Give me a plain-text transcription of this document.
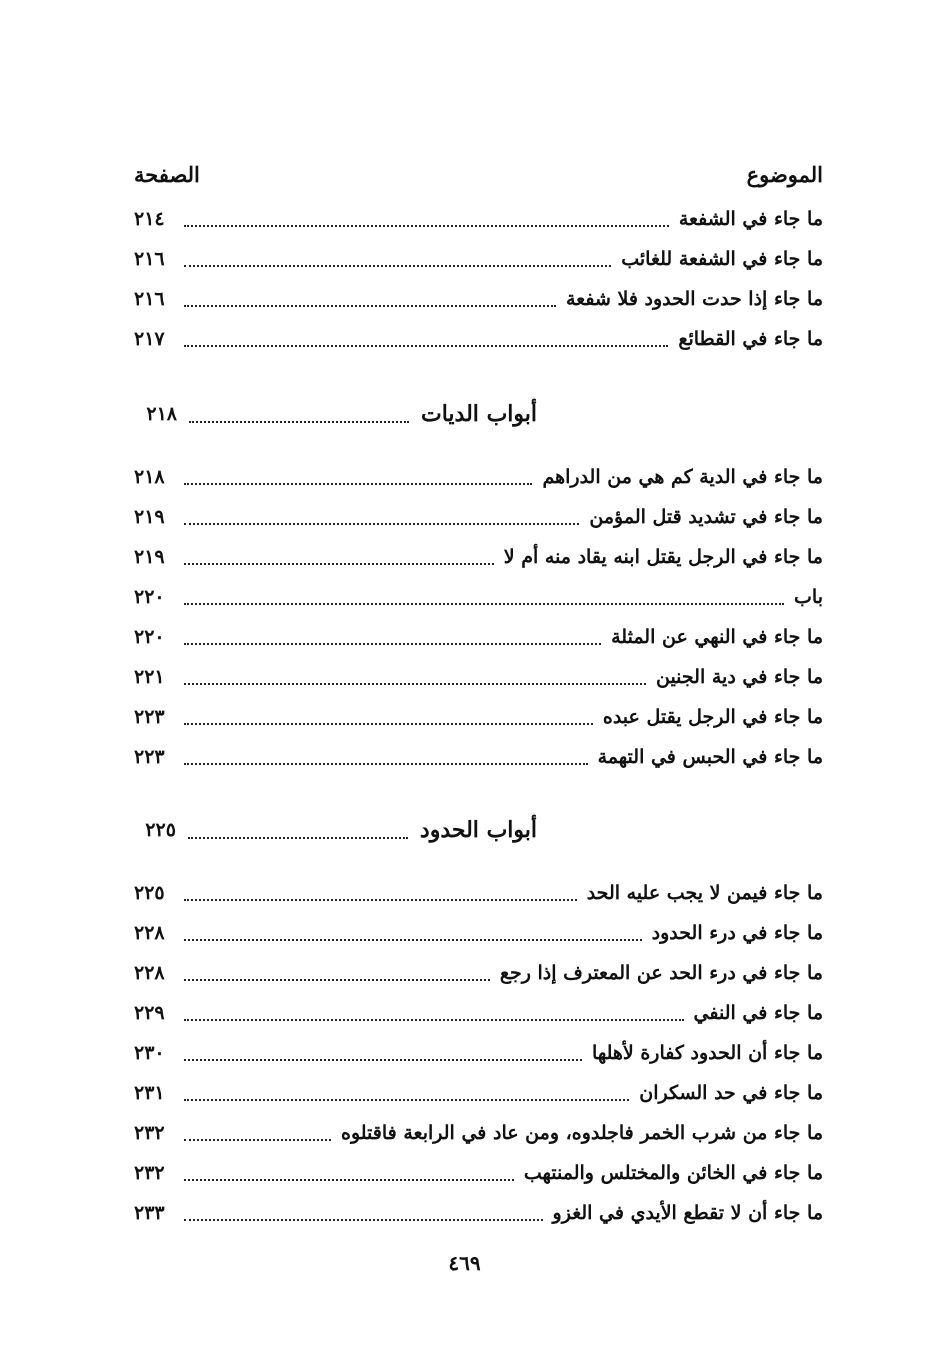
الموضوع
الصفحة
ما جاء في الشفعة
٢١٤
ما جاء في الشفعة للغائب
٢١٦
ما جاء إذا حدت الحدود فلا شفعة
٢١٦
ما جاء في القطائع
٢١٧
أبواب الديات
٢١٨
ما جاء في الدية كم هي من الدراهم
٢١٨
ما جاء في تشديد قتل المؤمن
٢١٩
ما جاء في الرجل يقتل ابنه يقاد منه أم لا
٢١٩
باب
٢٢٠
ما جاء في النهي عن المثلة
٢٢٠
ما جاء في دية الجنين
٢٢١
ما جاء في الرجل يقتل عبده
٢٢٣
ما جاء في الحبس في التهمة
٢٢٣
أبواب الحدود
٢٢٥
ما جاء فيمن لا يجب عليه الحد
٢٢٥
ما جاء في درء الحدود
٢٢٨
ما جاء في درء الحد عن المعترف إذا رجع
٢٢٨
ما جاء في النفي
٢٢٩
ما جاء أن الحدود كفارة لأهلها
٢٣٠
ما جاء في حد السكران
٢٣١
ما جاء من شرب الخمر فاجلدوه، ومن عاد في الرابعة فاقتلوه
٢٣٢
ما جاء في الخائن والمختلس والمنتهب
٢٣٢
ما جاء أن لا تقطع الأيدي في الغزو
٢٣٣
٤٦٩
